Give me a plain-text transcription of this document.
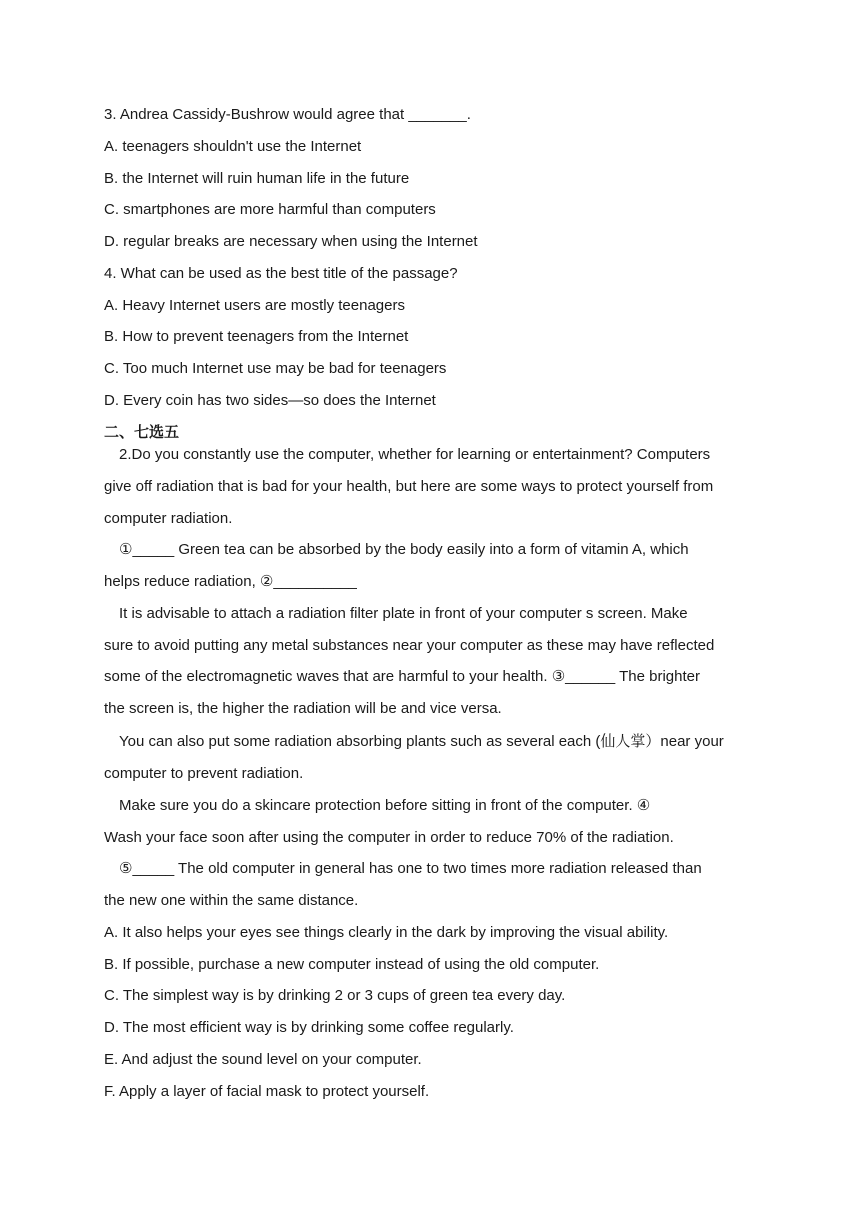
3. Andrea Cassidy-Bushrow would agree that _______.
A. teenagers shouldn't use the Internet
B. the Internet will ruin human life in the future
C. smartphones are more harmful than computers
D. regular breaks are necessary when using the Internet
4. What can be used as the best title of the passage?
A. Heavy Internet users are mostly teenagers
B. How to prevent teenagers from the Internet
C. Too much Internet use may be bad for teenagers
D. Every coin has two sides—so does the Internet
二、七选五
2.Do you constantly use the computer, whether for learning or entertainment? Computers
give off radiation that is bad for your health, but here are some ways to protect yourself from
computer radiation.
①_____ Green tea can be absorbed by the body easily into a form of vitamin A, which
helps reduce radiation, ②__________
It is advisable to attach a radiation filter plate in front of your computer s screen. Make
sure to avoid putting any metal substances near your computer as these may have reflected
some of the electromagnetic waves that are harmful to your health. ③______ The brighter
the screen is, the higher the radiation will be and vice versa.
You can also put some radiation absorbing plants such as several each (仙人掌）near your
computer to prevent radiation.
Make sure you do a skincare protection before sitting in front of the computer. ④
Wash your face soon after using the computer in order to reduce 70% of the radiation.
⑤_____ The old computer in general has one to two times more radiation released than
the new one within the same distance.
A. It also helps your eyes see things clearly in the dark by improving the visual ability.
B. If possible, purchase a new computer instead of using the old computer.
C. The simplest way is by drinking 2 or 3 cups of green tea every day.
D. The most efficient way is by drinking some coffee regularly.
E. And adjust the sound level on your computer.
F. Apply a layer of facial mask to protect yourself.
